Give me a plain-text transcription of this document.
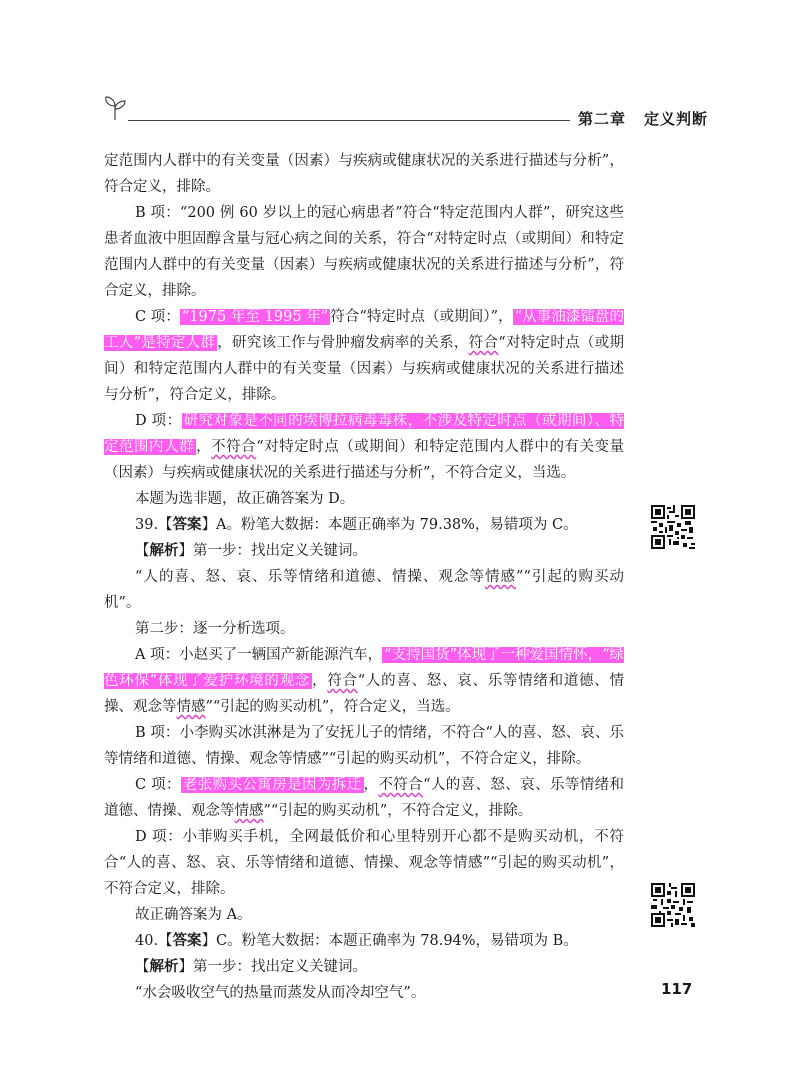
第二章 定义判断

定范围内人群中的有关变量（因素）与疾病或健康状况的关系进行描述与分析”，符合定义，排除。

B 项：“200 例 60 岁以上的冠心病患者”符合“特定范围内人群”，研究这些患者血液中胆固醇含量与冠心病之间的关系，符合“对特定时点（或期间）和特定范围内人群中的有关变量（因素）与疾病或健康状况的关系进行描述与分析”，符合定义，排除。

C 项： “1975 年至 1995 年” 符合“特定时点（或期间）”， “从事油漆镭盘的工人”是特定人群 ，研究该工作与骨肿瘤发病率的关系，符合“对特定时点（或期间）和特定范围内人群中的有关变量（因素）与疾病或健康状况的关系进行描述与分析”，符合定义，排除。

D 项： 研究对象是不同的埃博拉病毒毒株，不涉及特定时点（或期间）、特定范围内人群 ，不符合“对特定时点（或期间）和特定范围内人群中的有关变量（因素）与疾病或健康状况的关系进行描述与分析”，不符合定义，当选。

本题为选非题，故正确答案为 D。

39.【答案】A。粉笔大数据：本题正确率为 79.38%，易错项为 C。

【解析】第一步：找出定义关键词。

“人的喜、怒、哀、乐等情绪和道德、情操、观念等情感”“引起的购买动机”。

第二步：逐一分析选项。

A 项：小赵买了一辆国产新能源汽车， “支持国货”体现了一种爱国情怀，“绿色环保”体现了爱护环境的观念 ，符合“人的喜、怒、哀、乐等情绪和道德、情操、观念等情感”“引起的购买动机”，符合定义，当选。

B 项：小李购买冰淇淋是为了安抚儿子的情绪，不符合“人的喜、怒、哀、乐等情绪和道德、情操、观念等情感”“引起的购买动机”，不符合定义，排除。

C 项： 老张购买公寓房是因为拆迁 ，不符合“人的喜、怒、哀、乐等情绪和道德、情操、观念等情感”“引起的购买动机”，不符合定义，排除。

D 项：小菲购买手机，全网最低价和心里特别开心都不是购买动机，不符合“人的喜、怒、哀、乐等情绪和道德、情操、观念等情感”“引起的购买动机”，不符合定义，排除。

故正确答案为 A。

40.【答案】C。粉笔大数据：本题正确率为 78.94%，易错项为 B。

【解析】第一步：找出定义关键词。

“水会吸收空气的热量而蒸发从而冷却空气”。	117
